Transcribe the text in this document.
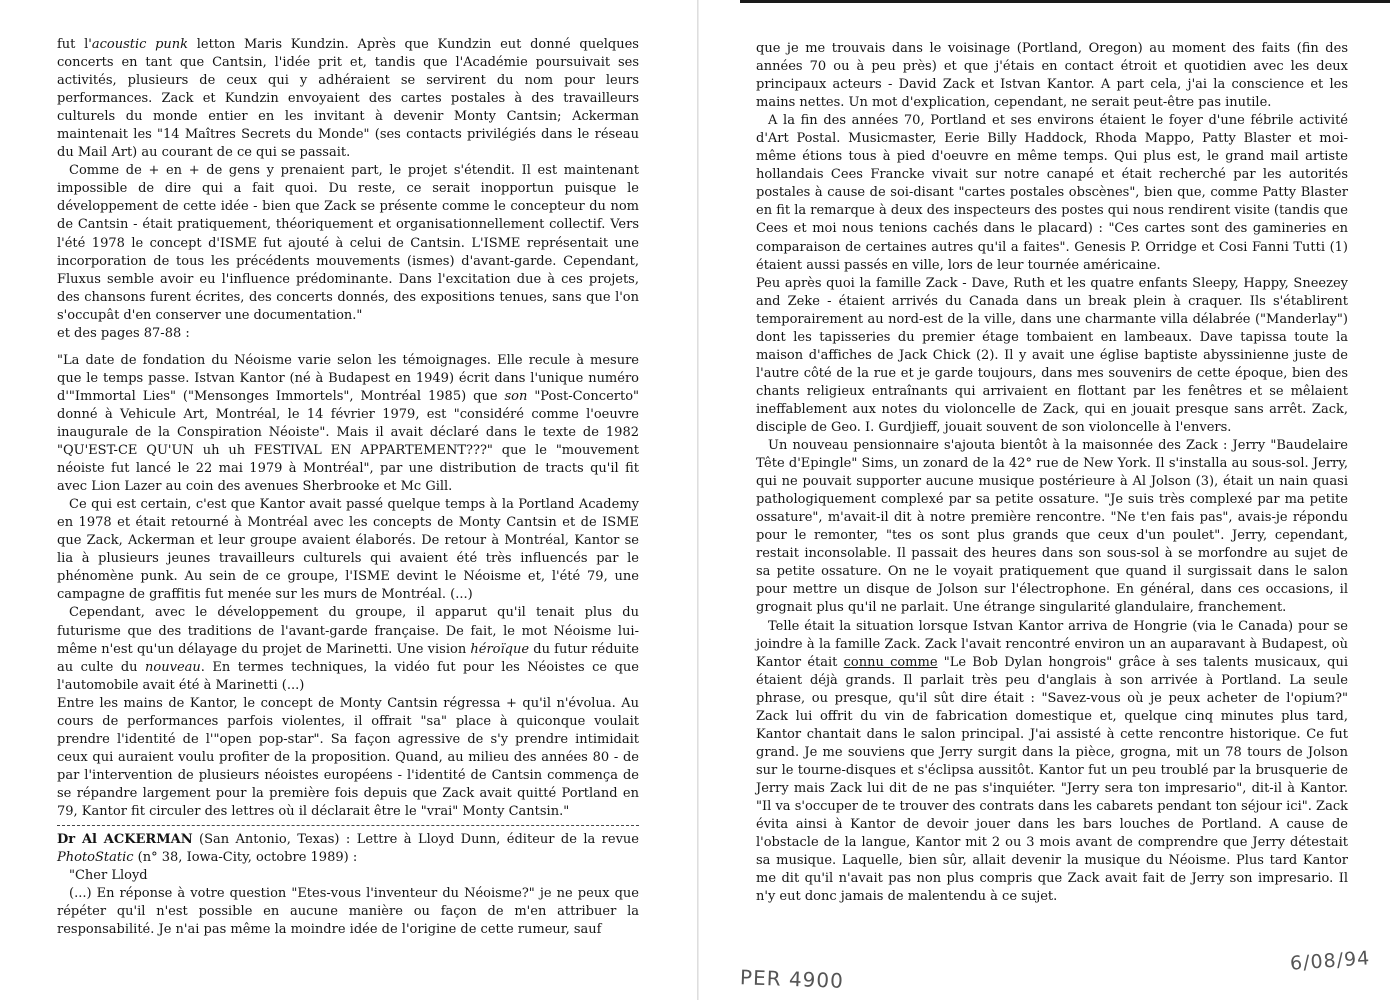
fut l'acoustic punk letton Maris Kundzin. Après que Kundzin eut donné quelques concerts en tant que Cantsin, l'idée prit et, tandis que l'Académie poursuivait ses activités, plusieurs de ceux qui y adhéraient se servirent du nom pour leurs performances. Zack et Kundzin envoyaient des cartes postales à des travailleurs culturels du monde entier en les invitant à devenir Monty Cantsin; Ackerman maintenait les "14 Maîtres Secrets du Monde" (ses contacts privilégiés dans le réseau du Mail Art) au courant de ce qui se passait.

Comme de + en + de gens y prenaient part, le projet s'étendit. Il est maintenant impossible de dire qui a fait quoi. Du reste, ce serait inopportun puisque le développement de cette idée - bien que Zack se présente comme le concepteur du nom de Cantsin - était pratiquement, théoriquement et organisationnellement collectif. Vers l'été 1978 le concept d'ISME fut ajouté à celui de Cantsin. L'ISME représentait une incorporation de tous les précédents mouvements (ismes) d'avant-garde. Cependant, Fluxus semble avoir eu l'influence prédominante. Dans l'excitation due à ces projets, des chansons furent écrites, des concerts donnés, des expositions tenues, sans que l'on s'occupât d'en conserver une documentation."

et des pages 87-88 :

"La date de fondation du Néoisme varie selon les témoignages. Elle recule à mesure que le temps passe. Istvan Kantor (né à Budapest en 1949) écrit dans l'unique numéro d'"Immortal Lies" ("Mensonges Immortels", Montréal 1985) que son "Post-Concerto" donné à Vehicule Art, Montréal, le 14 février 1979, est "considéré comme l'oeuvre inaugurale de la Conspiration Néoiste". Mais il avait déclaré dans le texte de 1982 "QU'EST-CE QU'UN uh uh FESTIVAL EN APPARTEMENT???" que le "mouvement néoiste fut lancé le 22 mai 1979 à Montréal", par une distribution de tracts qu'il fit avec Lion Lazer au coin des avenues Sherbrooke et Mc Gill.

Ce qui est certain, c'est que Kantor avait passé quelque temps à la Portland Academy en 1978 et était retourné à Montréal avec les concepts de Monty Cantsin et de ISME que Zack, Ackerman et leur groupe avaient élaborés. De retour à Montréal, Kantor se lia à plusieurs jeunes travailleurs culturels qui avaient été très influencés par le phénomène punk. Au sein de ce groupe, l'ISME devint le Néoisme et, l'été 79, une campagne de graffitis fut menée sur les murs de Montréal. (...)

Cependant, avec le développement du groupe, il apparut qu'il tenait plus du futurisme que des traditions de l'avant-garde française. De fait, le mot Néoisme lui-même n'est qu'un délayage du projet de Marinetti. Une vision héroïque du futur réduite au culte du nouveau. En termes techniques, la vidéo fut pour les Néoistes ce que l'automobile avait été à Marinetti (...)

Entre les mains de Kantor, le concept de Monty Cantsin régressa + qu'il n'évolua. Au cours de performances parfois violentes, il offrait "sa" place à quiconque voulait prendre l'identité de l'"open pop-star". Sa façon agressive de s'y prendre intimidait ceux qui auraient voulu profiter de la proposition. Quand, au milieu des années 80 - de par l'intervention de plusieurs néoistes européens - l'identité de Cantsin commença de se répandre largement pour la première fois depuis que Zack avait quitté Portland en 79, Kantor fit circuler des lettres où il déclarait être le "vrai" Monty Cantsin."

Dr Al ACKERMAN (San Antonio, Texas) : Lettre à Lloyd Dunn, éditeur de la revue PhotoStatic (n° 38, Iowa-City, octobre 1989) :

"Cher Lloyd

(...) En réponse à votre question "Etes-vous l'inventeur du Néoisme?" je ne peux que répéter qu'il n'est possible en aucune manière ou façon de m'en attribuer la responsabilité. Je n'ai pas même la moindre idée de l'origine de cette rumeur, sauf

que je me trouvais dans le voisinage (Portland, Oregon) au moment des faits (fin des années 70 ou à peu près) et que j'étais en contact étroit et quotidien avec les deux principaux acteurs - David Zack et Istvan Kantor. A part cela, j'ai la conscience et les mains nettes. Un mot d'explication, cependant, ne serait peut-être pas inutile.

A la fin des années 70, Portland et ses environs étaient le foyer d'une fébrile activité d'Art Postal. Musicmaster, Eerie Billy Haddock, Rhoda Mappo, Patty Blaster et moi-même étions tous à pied d'oeuvre en même temps. Qui plus est, le grand mail artiste hollandais Cees Francke vivait sur notre canapé et était recherché par les autorités postales à cause de soi-disant "cartes postales obscènes", bien que, comme Patty Blaster en fit la remarque à deux des inspecteurs des postes qui nous rendirent visite (tandis que Cees et moi nous tenions cachés dans le placard) : "Ces cartes sont des gamineries en comparaison de certaines autres qu'il a faites". Genesis P. Orridge et Cosi Fanni Tutti (1) étaient aussi passés en ville, lors de leur tournée américaine.

Peu après quoi la famille Zack - Dave, Ruth et les quatre enfants Sleepy, Happy, Sneezey and Zeke - étaient arrivés du Canada dans un break plein à craquer. Ils s'établirent temporairement au nord-est de la ville, dans une charmante villa délabrée ("Manderlay") dont les tapisseries du premier étage tombaient en lambeaux. Dave tapissa toute la maison d'affiches de Jack Chick (2). Il y avait une église baptiste abyssinienne juste de l'autre côté de la rue et je garde toujours, dans mes souvenirs de cette époque, bien des chants religieux entraînants qui arrivaient en flottant par les fenêtres et se mêlaient ineffablement aux notes du violoncelle de Zack, qui en jouait presque sans arrêt. Zack, disciple de Geo. I. Gurdjieff, jouait souvent de son violoncelle à l'envers.

Un nouveau pensionnaire s'ajouta bientôt à la maisonnée des Zack : Jerry "Baudelaire Tête d'Epingle" Sims, un zonard de la 42° rue de New York. Il s'installa au sous-sol. Jerry, qui ne pouvait supporter aucune musique postérieure à Al Jolson (3), était un nain quasi pathologiquement complexé par sa petite ossature. "Je suis très complexé par ma petite ossature", m'avait-il dit à notre première rencontre. "Ne t'en fais pas", avais-je répondu pour le remonter, "tes os sont plus grands que ceux d'un poulet". Jerry, cependant, restait inconsolable. Il passait des heures dans son sous-sol à se morfondre au sujet de sa petite ossature. On ne le voyait pratiquement que quand il surgissait dans le salon pour mettre un disque de Jolson sur l'électrophone. En général, dans ces occasions, il grognait plus qu'il ne parlait. Une étrange singularité glandulaire, franchement.

Telle était la situation lorsque Istvan Kantor arriva de Hongrie (via le Canada) pour se joindre à la famille Zack. Zack l'avait rencontré environ un an auparavant à Budapest, où Kantor était connu comme "Le Bob Dylan hongrois" grâce à ses talents musicaux, qui étaient déjà grands. Il parlait très peu d'anglais à son arrivée à Portland. La seule phrase, ou presque, qu'il sût dire était : "Savez-vous où je peux acheter de l'opium?" Zack lui offrit du vin de fabrication domestique et, quelque cinq minutes plus tard, Kantor chantait dans le salon principal. J'ai assisté à cette rencontre historique. Ce fut grand. Je me souviens que Jerry surgit dans la pièce, grogna, mit un 78 tours de Jolson sur le tourne-disques et s'éclipsa aussitôt. Kantor fut un peu troublé par la brusquerie de Jerry mais Zack lui dit de ne pas s'inquiéter. "Jerry sera ton impresario", dit-il à Kantor. "Il va s'occuper de te trouver des contrats dans les cabarets pendant ton séjour ici". Zack évita ainsi à Kantor de devoir jouer dans les bars louches de Portland. A cause de l'obstacle de la langue, Kantor mit 2 ou 3 mois avant de comprendre que Jerry détestait sa musique. Laquelle, bien sûr, allait devenir la musique du Néoisme. Plus tard Kantor me dit qu'il n'avait pas non plus compris que Zack avait fait de Jerry son impresario. Il n'y eut donc jamais de malentendu à ce sujet.

PER 4900
6/08/94
